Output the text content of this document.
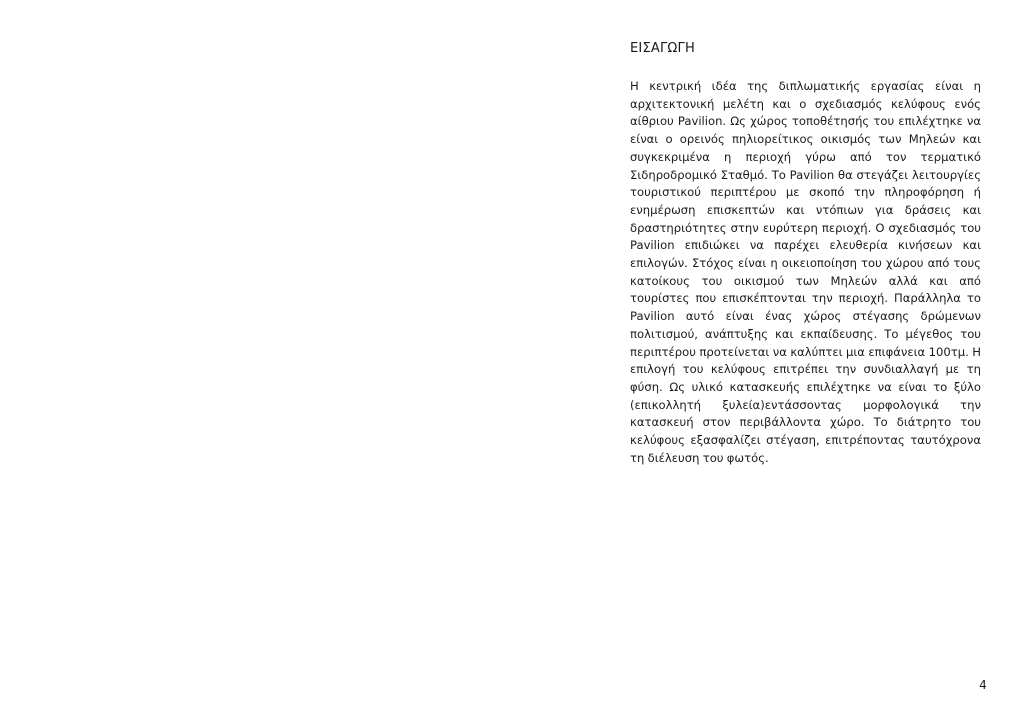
ΕΙΣΑΓΩΓΗ

Η κεντρική ιδέα της διπλωματικής εργασίας είναι η αρχιτεκτονική μελέτη και ο σχεδιασμός κελύφους ενός αίθριου Pavilion. Ως χώρος τοποθέτησής του επιλέχτηκε να είναι ο ορεινός πηλιορείτικος οικισμός των Μηλεών και συγκεκριμένα η περιοχή γύρω από τον τερματικό Σιδηροδρομικό Σταθμό. Το Pavilion θα στεγάζει λειτουργίες τουριστικού περιπτέρου με σκοπό την πληροφόρηση ή ενημέρωση επισκεπτών και ντόπιων για δράσεις και δραστηριότητες στην ευρύτερη περιοχή. Ο σχεδιασμός του Pavilion επιδιώκει να παρέχει ελευθερία κινήσεων και επιλογών. Στόχος είναι η οικειοποίηση του χώρου από τους κατοίκους του οικισμού των Μηλεών αλλά και από τουρίστες που επισκέπτονται την περιοχή. Παράλληλα το Pavilion αυτό είναι ένας χώρος στέγασης δρώμενων πολιτισμού, ανάπτυξης και εκπαίδευσης. Το μέγεθος του περιπτέρου προτείνεται να καλύπτει μια επιφάνεια 100τμ. Η επιλογή του κελύφους επιτρέπει την συνδιαλλαγή με τη φύση. Ως υλικό κατασκευής επιλέχτηκε να είναι το ξύλο (επικολλητή ξυλεία)εντάσσοντας μορφολογικά την κατασκευή στον περιβάλλοντα χώρο. Το διάτρητο του κελύφους εξασφαλίζει στέγαση, επιτρέποντας ταυτόχρονα τη διέλευση του φωτός.

4
